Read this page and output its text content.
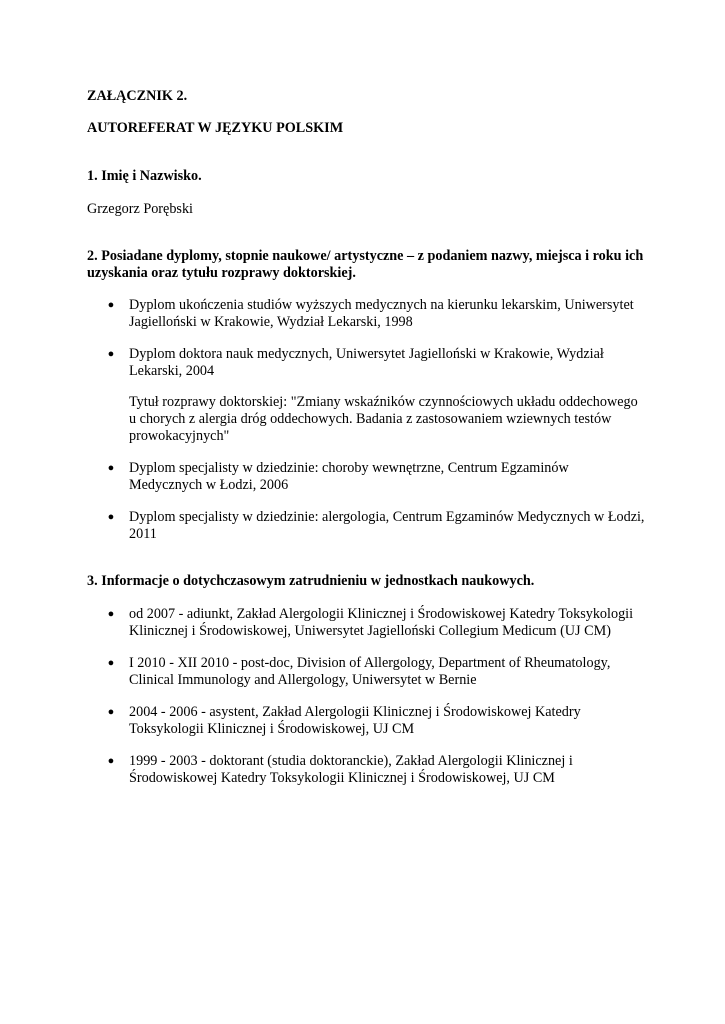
ZAŁĄCZNIK 2.
AUTOREFERAT W JĘZYKU POLSKIM
1. Imię i Nazwisko.
Grzegorz Porębski
2. Posiadane dyplomy, stopnie naukowe/ artystyczne – z podaniem nazwy, miejsca i roku ich
uzyskania oraz tytułu rozprawy doktorskiej.
● Dyplom ukończenia studiów wyższych medycznych na kierunku lekarskim, Uniwersytet
Jagielloński w Krakowie, Wydział Lekarski, 1998
● Dyplom doktora nauk medycznych, Uniwersytet Jagielloński w Krakowie, Wydział
Lekarski, 2004
Tytuł rozprawy doktorskiej: "Zmiany wskaźników czynnościowych układu oddechowego
u chorych z alergia dróg oddechowych. Badania z zastosowaniem wziewnych testów
prowokacyjnych"
● Dyplom specjalisty w dziedzinie: choroby wewnętrzne, Centrum Egzaminów
Medycznych w Łodzi, 2006
● Dyplom specjalisty w dziedzinie: alergologia, Centrum Egzaminów Medycznych w Łodzi,
2011
3. Informacje o dotychczasowym zatrudnieniu w jednostkach naukowych.
● od 2007 - adiunkt, Zakład Alergologii Klinicznej i Środowiskowej Katedry Toksykologii
Klinicznej i Środowiskowej, Uniwersytet Jagielloński Collegium Medicum (UJ CM)
● I 2010 - XII 2010 - post-doc, Division of Allergology, Department of Rheumatology,
Clinical Immunology and Allergology, Uniwersytet w Bernie
● 2004 - 2006 - asystent, Zakład Alergologii Klinicznej i Środowiskowej Katedry
Toksykologii Klinicznej i Środowiskowej, UJ CM
● 1999 - 2003 - doktorant (studia doktoranckie), Zakład Alergologii Klinicznej i
Środowiskowej Katedry Toksykologii Klinicznej i Środowiskowej, UJ CM
